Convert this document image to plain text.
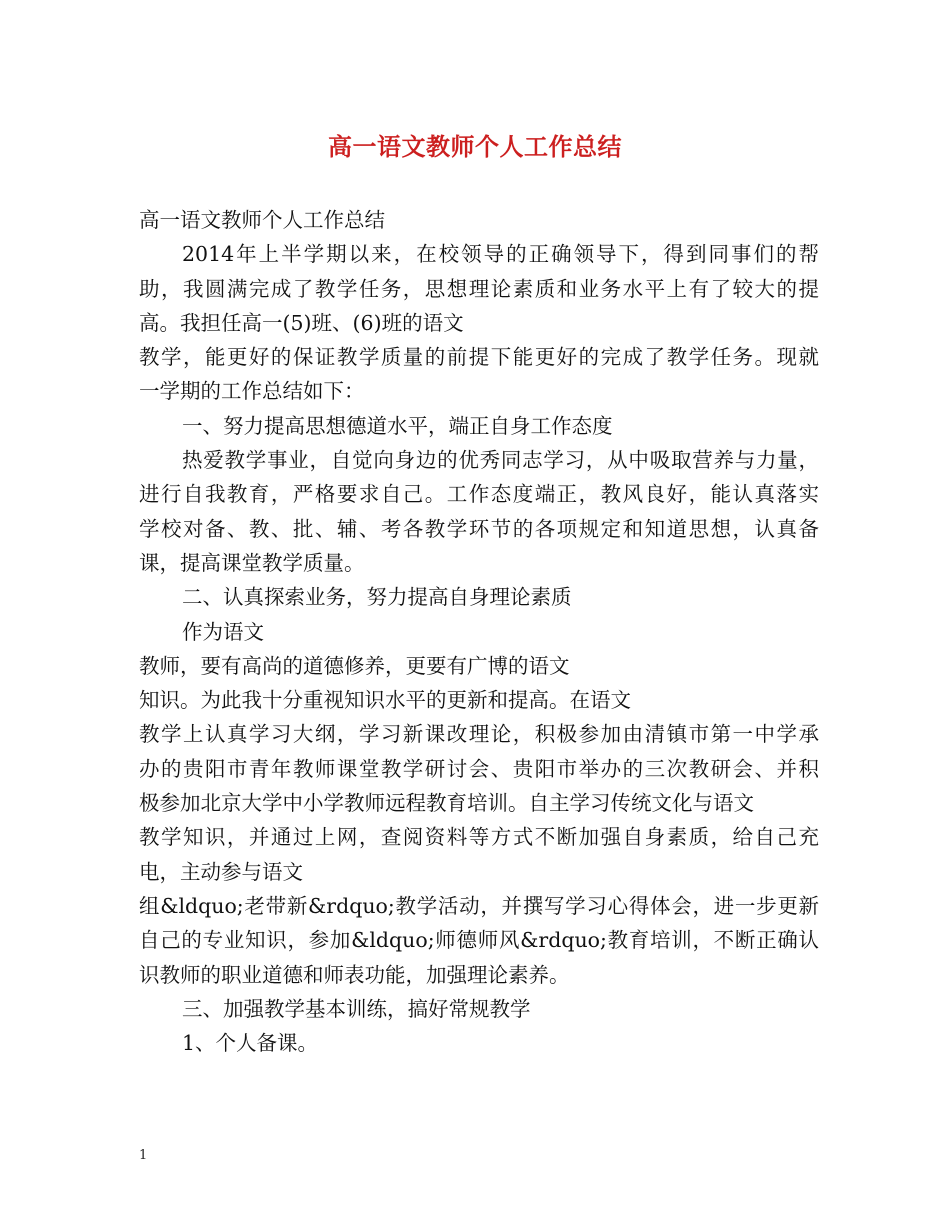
高一语文教师个人工作总结
高一语文教师个人工作总结
2014年上半学期以来，在校领导的正确领导下，得到同事们的帮
助，我圆满完成了教学任务，思想理论素质和业务水平上有了较大的提
高。我担任高一(5)班、(6)班的语文
教学，能更好的保证教学质量的前提下能更好的完成了教学任务。现就
一学期的工作总结如下：
一、努力提高思想德道水平，端正自身工作态度
热爱教学事业，自觉向身边的优秀同志学习，从中吸取营养与力量，
进行自我教育，严格要求自己。工作态度端正，教风良好，能认真落实
学校对备、教、批、辅、考各教学环节的各项规定和知道思想，认真备
课，提高课堂教学质量。
二、认真探索业务，努力提高自身理论素质
作为语文
教师，要有高尚的道德修养，更要有广博的语文
知识。为此我十分重视知识水平的更新和提高。在语文
教学上认真学习大纲，学习新课改理论，积极参加由清镇市第一中学承
办的贵阳市青年教师课堂教学研讨会、贵阳市举办的三次教研会、并积
极参加北京大学中小学教师远程教育培训。自主学习传统文化与语文
教学知识，并通过上网，查阅资料等方式不断加强自身素质，给自己充
电，主动参与语文
组&ldquo;老带新&rdquo;教学活动，并撰写学习心得体会，进一步更新
自己的专业知识，参加&ldquo;师德师风&rdquo;教育培训，不断正确认
识教师的职业道德和师表功能，加强理论素养。
三、加强教学基本训练，搞好常规教学
1、个人备课。
1
